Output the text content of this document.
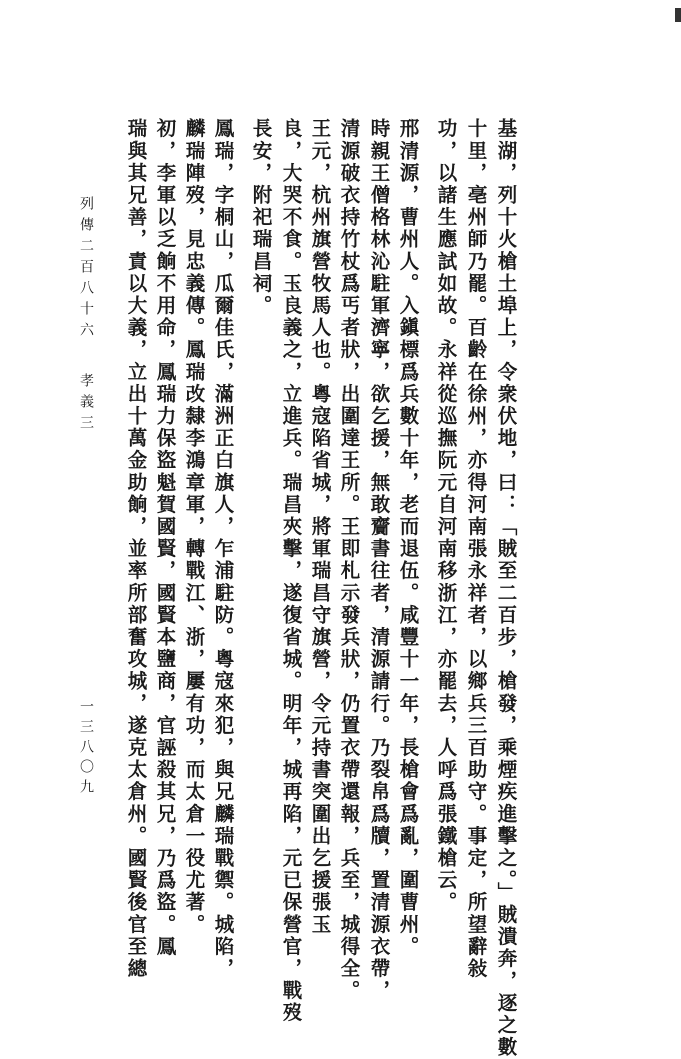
基湖，列十火槍土埠上，令衆伏地，曰：「賊至二百步，槍發，乘煙疾進擊之。」賊潰奔，逐之數
十里，亳州師乃罷。百齡在徐州，亦得河南張永祥者，以鄉兵三百助守。事定，所望辭敍
功，以諸生應試如故。永祥從巡撫阮元自河南移浙江，亦罷去，人呼爲張鐵槍云。
邢清源，曹州人。入鎭標爲兵數十年，老而退伍。咸豐十一年，長槍會爲亂，圍曹州。
時親王僧格林沁駐軍濟寧，欲乞援，無敢齎書往者，清源請行。乃裂帛爲牘，置清源衣帶，
清源破衣持竹杖爲丐者狀，出圍達王所。王即札示發兵狀，仍置衣帶還報，兵至，城得全。
王元，杭州旗營牧馬人也。粵寇陷省城，將軍瑞昌守旗營，令元持書突圍出乞援張玉
良，大哭不食。玉良義之，立進兵。瑞昌夾擊，遂復省城。明年，城再陷，元已保營官，戰歿
長安，附祀瑞昌祠。
鳳瑞，字桐山，瓜爾佳氏，滿洲正白旗人，乍浦駐防。粵寇來犯，與兄麟瑞戰禦。城陷，
麟瑞陣歿，見忠義傳。鳳瑞改隸李鴻章軍，轉戰江、浙，屢有功，而太倉一役尤著。
初，李軍以乏餉不用命，鳳瑞力保盜魁賀國賢，國賢本鹽商，官誣殺其兄，乃爲盜。鳳
瑞與其兄善，責以大義，立出十萬金助餉，並率所部奮攻城，遂克太倉州。國賢後官至總
列傳二百八十六孝義三
一三八〇九
